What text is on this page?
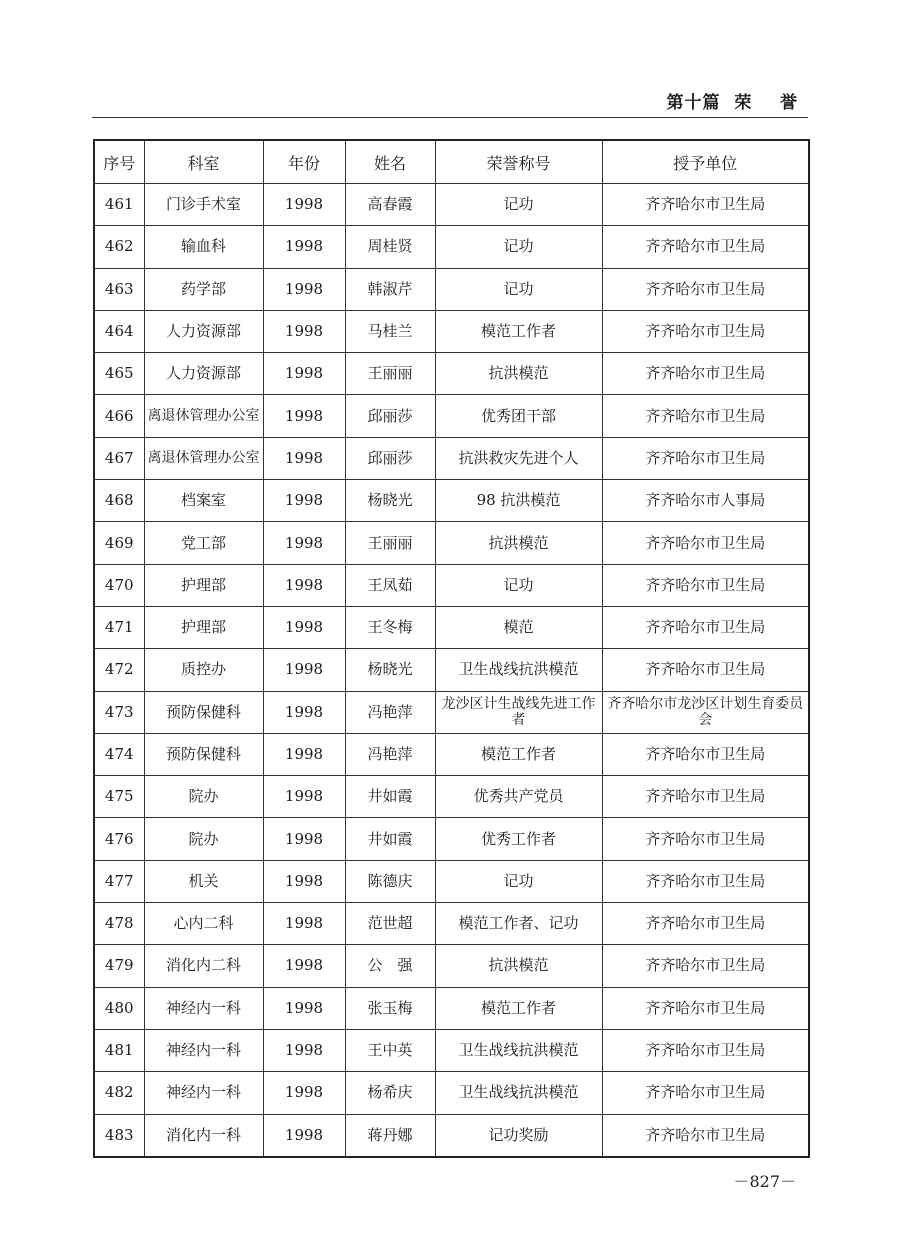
第十篇  荣    誉
序号	科室	年份	姓名	荣誉称号	授予单位
461	门诊手术室	1998	高春霞	记功	齐齐哈尔市卫生局
462	输血科	1998	周桂贤	记功	齐齐哈尔市卫生局
463	药学部	1998	韩淑芹	记功	齐齐哈尔市卫生局
464	人力资源部	1998	马桂兰	模范工作者	齐齐哈尔市卫生局
465	人力资源部	1998	王丽丽	抗洪模范	齐齐哈尔市卫生局
466	离退休管理办公室	1998	邱丽莎	优秀团干部	齐齐哈尔市卫生局
467	离退休管理办公室	1998	邱丽莎	抗洪救灾先进个人	齐齐哈尔市卫生局
468	档案室	1998	杨晓光	98 抗洪模范	齐齐哈尔市人事局
469	党工部	1998	王丽丽	抗洪模范	齐齐哈尔市卫生局
470	护理部	1998	王凤茹	记功	齐齐哈尔市卫生局
471	护理部	1998	王冬梅	模范	齐齐哈尔市卫生局
472	质控办	1998	杨晓光	卫生战线抗洪模范	齐齐哈尔市卫生局
473	预防保健科	1998	冯艳萍	龙沙区计生战线先进工作者	齐齐哈尔市龙沙区计划生育委员会
474	预防保健科	1998	冯艳萍	模范工作者	齐齐哈尔市卫生局
475	院办	1998	井如霞	优秀共产党员	齐齐哈尔市卫生局
476	院办	1998	井如霞	优秀工作者	齐齐哈尔市卫生局
477	机关	1998	陈德庆	记功	齐齐哈尔市卫生局
478	心内二科	1998	范世超	模范工作者、记功	齐齐哈尔市卫生局
479	消化内二科	1998	公　强	抗洪模范	齐齐哈尔市卫生局
480	神经内一科	1998	张玉梅	模范工作者	齐齐哈尔市卫生局
481	神经内一科	1998	王中英	卫生战线抗洪模范	齐齐哈尔市卫生局
482	神经内一科	1998	杨希庆	卫生战线抗洪模范	齐齐哈尔市卫生局
483	消化内一科	1998	蒋丹娜	记功奖励	齐齐哈尔市卫生局
－827－
